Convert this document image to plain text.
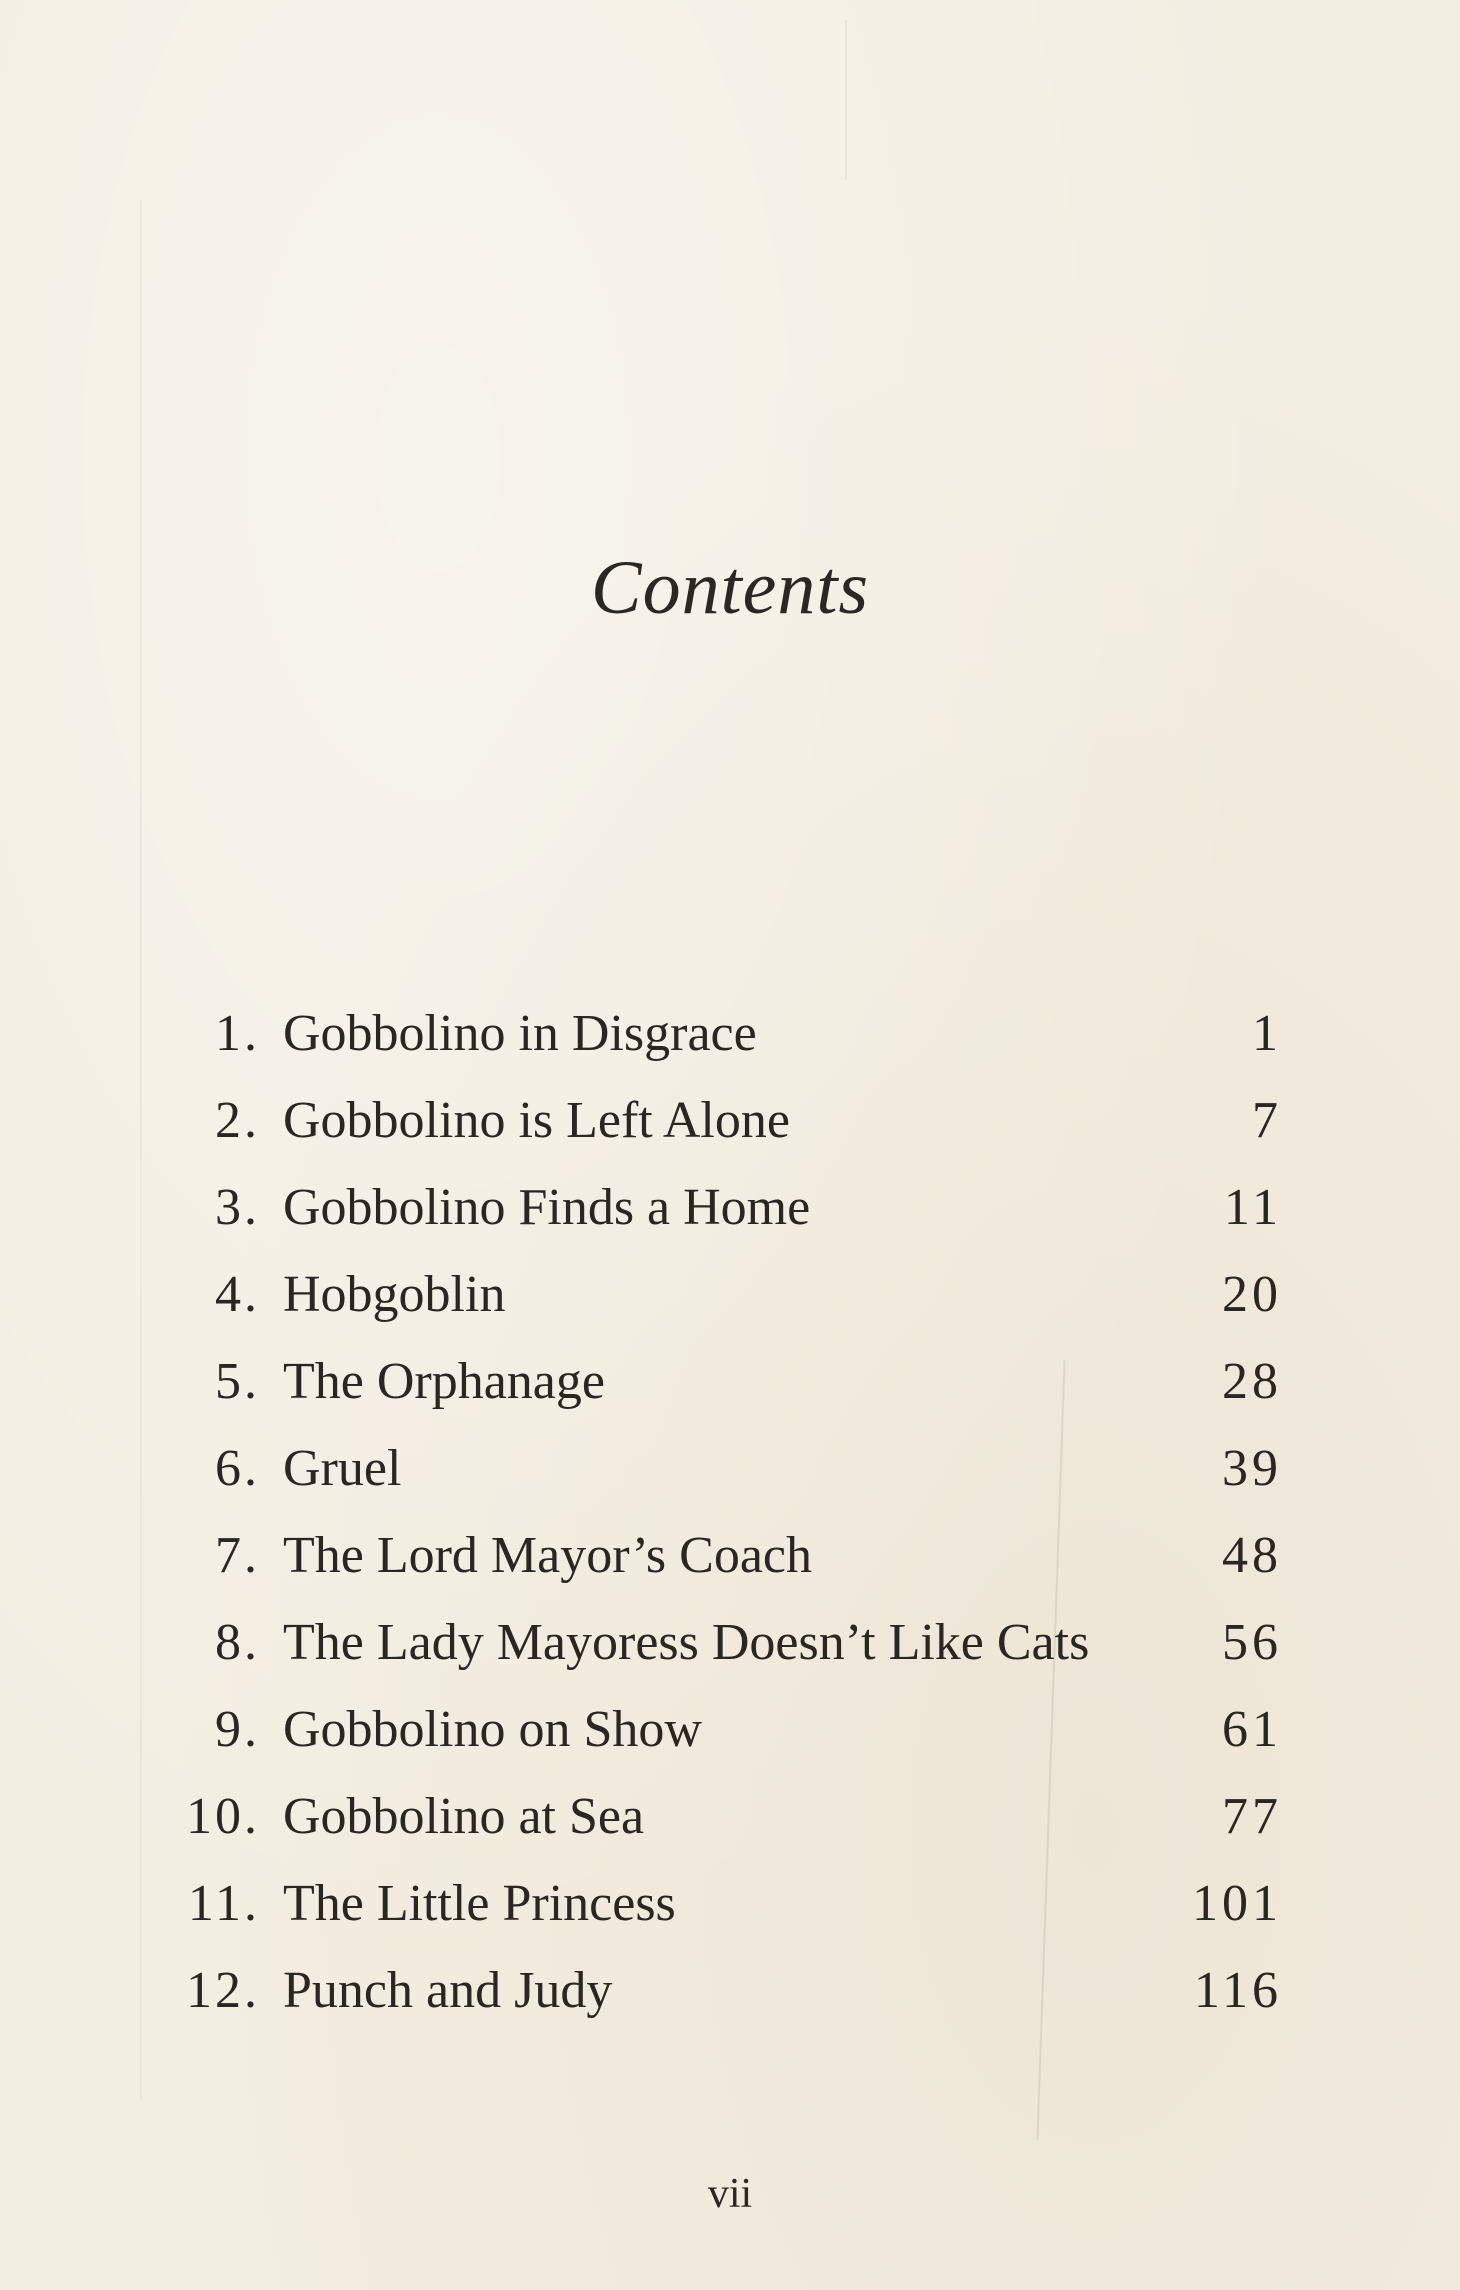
Contents
1. Gobbolino in Disgrace	1
2. Gobbolino is Left Alone	7
3. Gobbolino Finds a Home	11
4. Hobgoblin	20
5. The Orphanage	28
6. Gruel	39
7. The Lord Mayor’s Coach	48
8. The Lady Mayoress Doesn’t Like Cats	56
9. Gobbolino on Show	61
10. Gobbolino at Sea	77
11. The Little Princess	101
12. Punch and Judy	116
vii
